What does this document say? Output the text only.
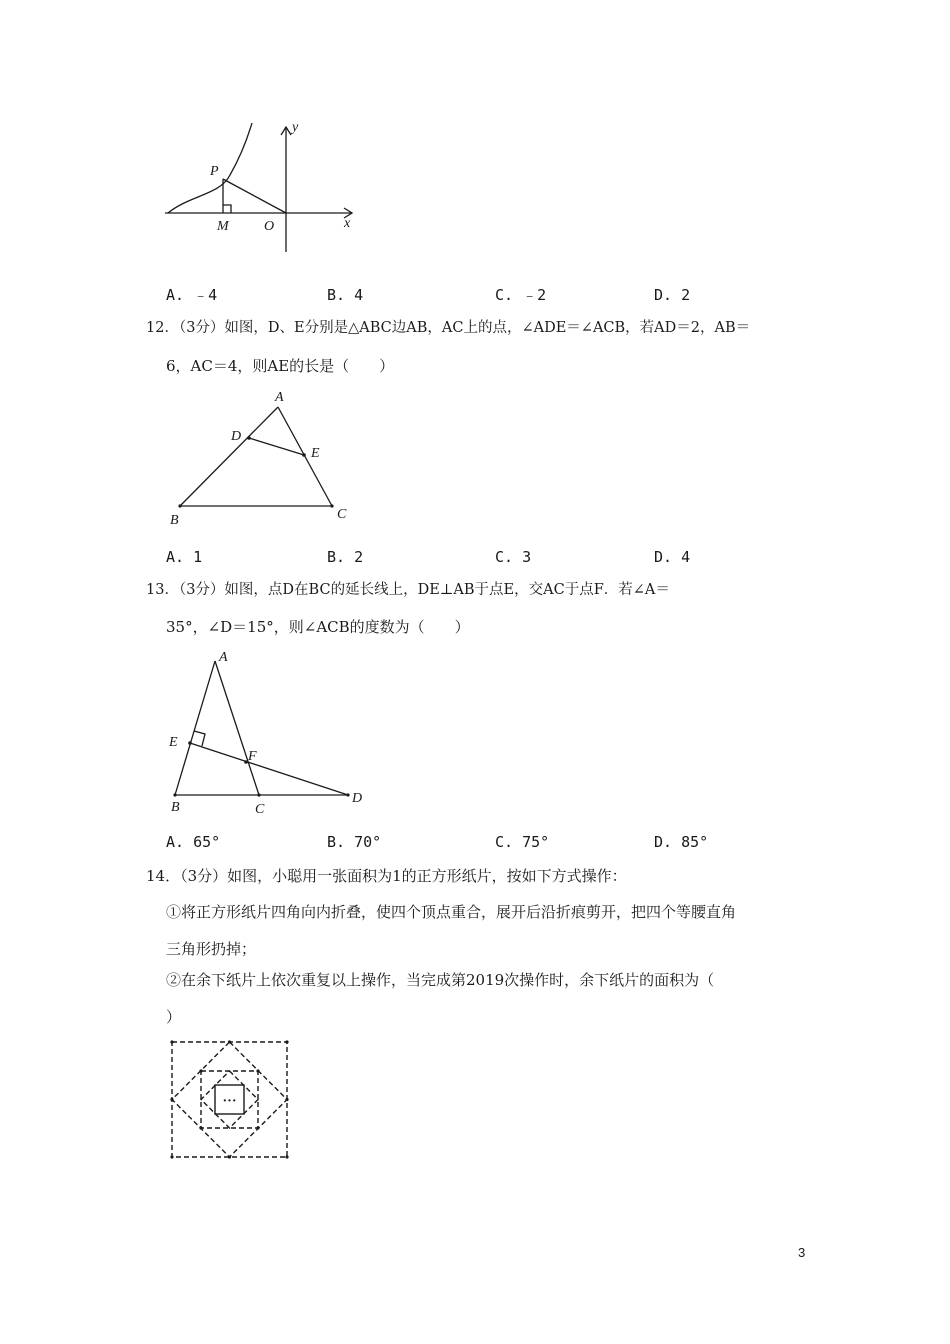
y
x
P
M	O
A. ﹣4	B. 4	C. ﹣2	D. 2
12．（3分）如图，D、E分别是△ABC边AB，AC上的点，∠ADE＝∠ACB，若AD＝2，AB＝
6，AC＝4，则AE的长是（　　）
A
D
E
B	C
A. 1	B. 2	C. 3	D. 4
13．（3分）如图，点D在BC的延长线上，DE⊥AB于点E，交AC于点F．若∠A＝
35°，∠D＝15°，则∠ACB的度数为（　　）
A
E
F
B	C
D
A. 65°	B. 70°	C. 75°	D. 85°
14．（3分）如图，小聪用一张面积为1的正方形纸片，按如下方式操作：
①将正方形纸片四角向内折叠，使四个顶点重合，展开后沿折痕剪开，把四个等腰直角
三角形扔掉；
②在余下纸片上依次重复以上操作，当完成第2019次操作时，余下纸片的面积为（
）
···
3
